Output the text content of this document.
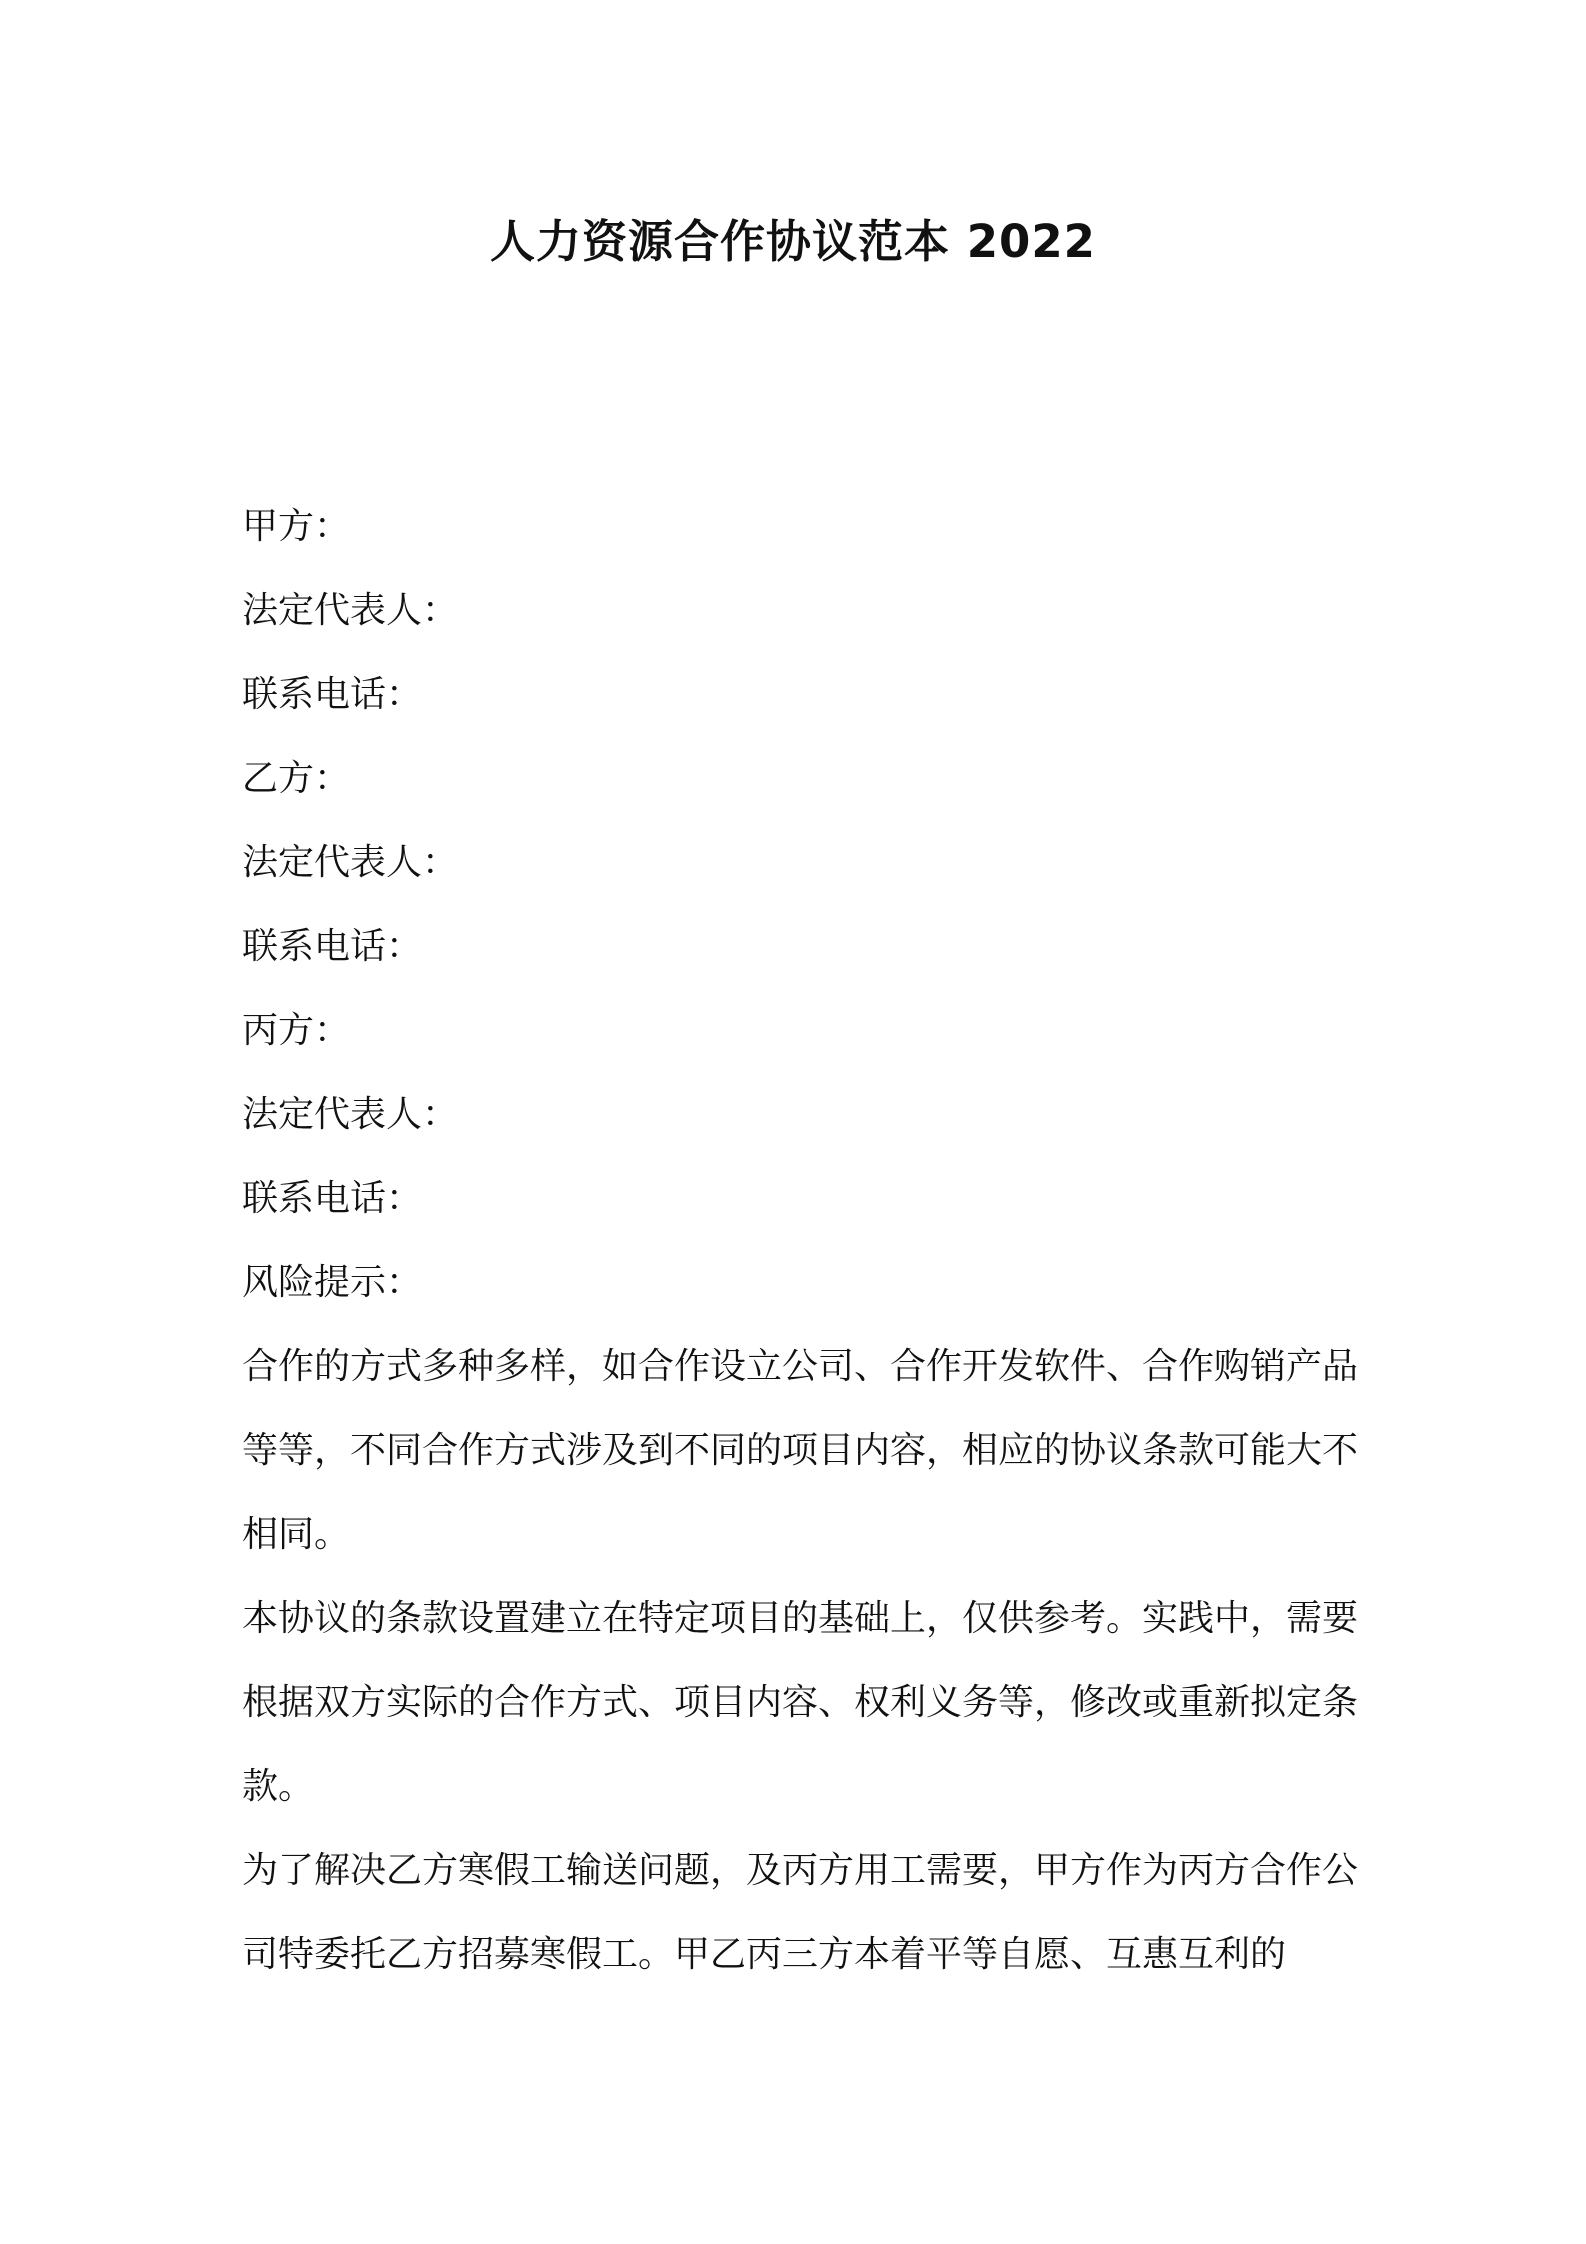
人力资源合作协议范本 2022
甲方：
法定代表人：
联系电话：
乙方：
法定代表人：
联系电话：
丙方：
法定代表人：
联系电话：
风险提示：

合作的方式多种多样，如合作设立公司、合作开发软件、合作购销产品等等，不同合作方式涉及到不同的项目内容，相应的协议条款可能大不相同。

本协议的条款设置建立在特定项目的基础上，仅供参考。实践中，需要根据双方实际的合作方式、项目内容、权利义务等，修改或重新拟定条款。

为了解决乙方寒假工输送问题，及丙方用工需要，甲方作为丙方合作公司特委托乙方招募寒假工。甲乙丙三方本着平等自愿、互惠互利的
